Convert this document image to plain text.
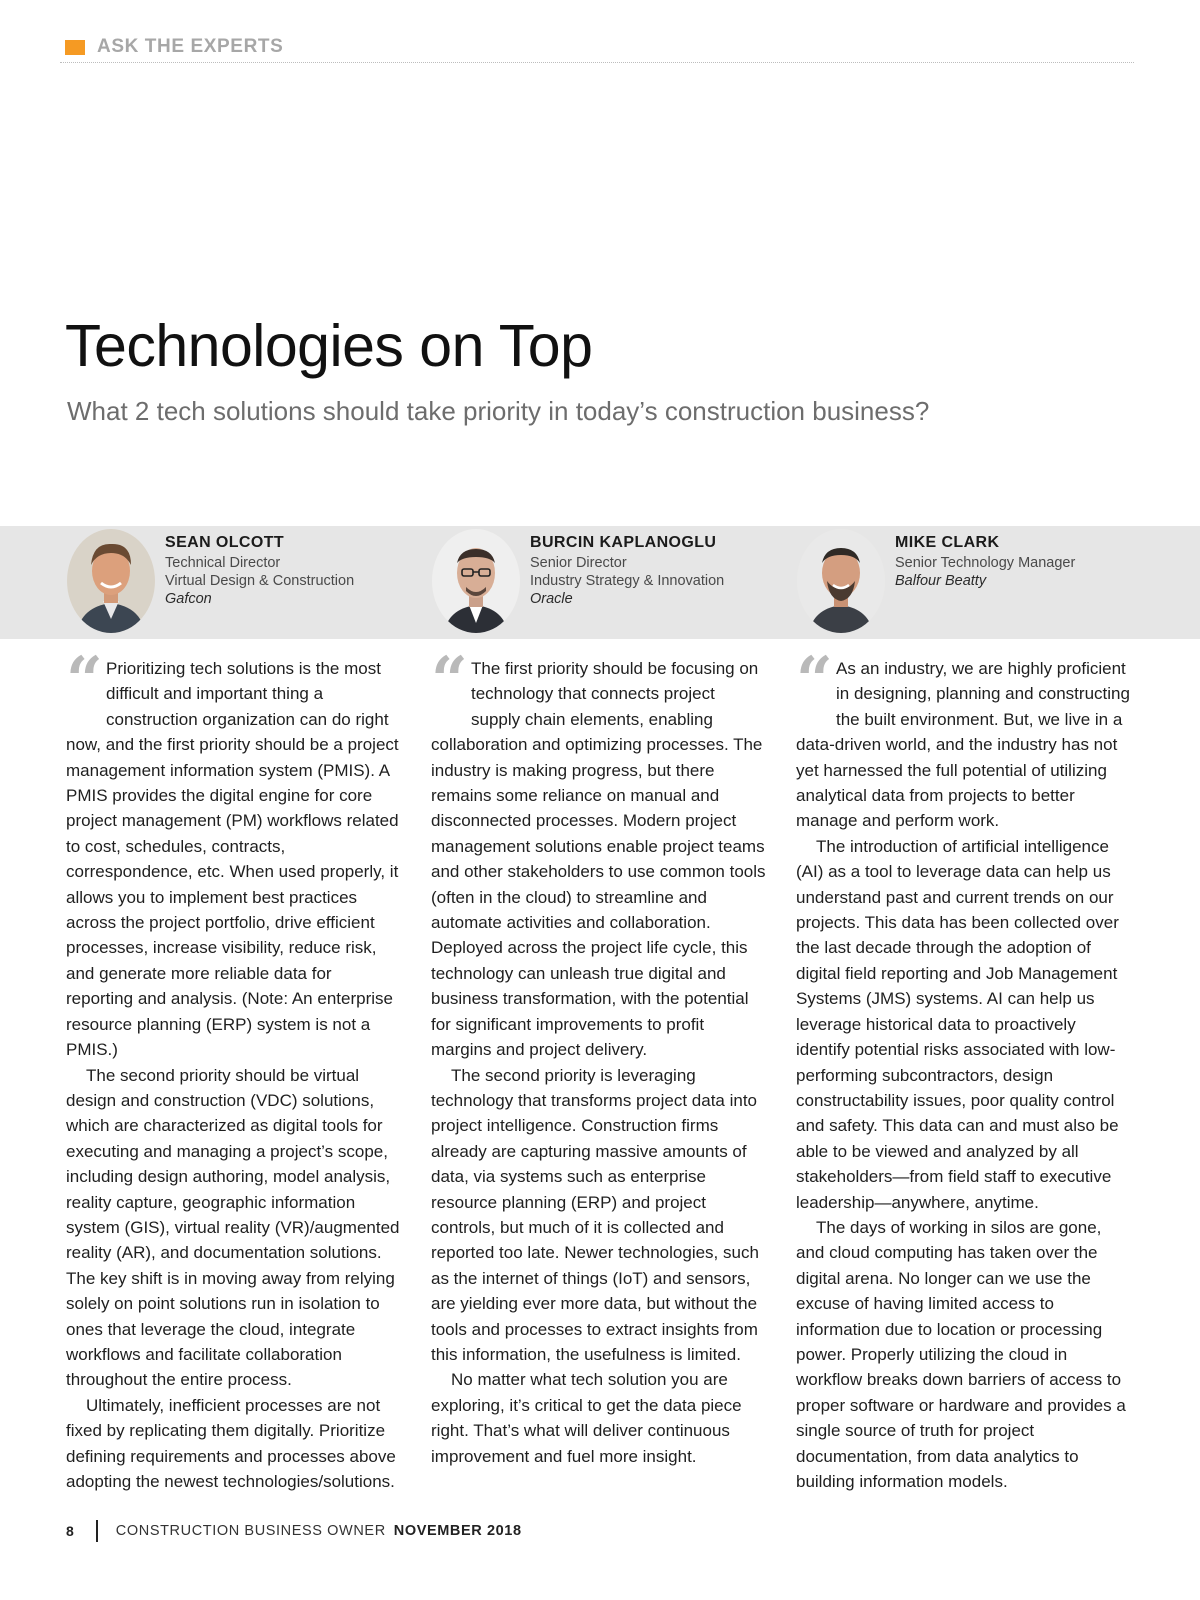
ASK THE EXPERTS
Technologies on Top
What 2 tech solutions should take priority in today’s construction business?
SEAN OLCOTT
Technical Director
Virtual Design & Construction
Gafcon
BURCIN KAPLANOGLU
Senior Director
Industry Strategy & Innovation
Oracle
MIKE CLARK
Senior Technology Manager
Balfour Beatty
“ Prioritizing tech solutions is the most difficult and important thing a construction organization can do right now, and the first priority should be a project management information system (PMIS). A PMIS provides the digital engine for core project management (PM) workflows related to cost, schedules, contracts, correspondence, etc. When used properly, it allows you to implement best practices across the project portfolio, drive efficient processes, increase visibility, reduce risk, and generate more reliable data for reporting and analysis. (Note: An enterprise resource planning (ERP) system is not a PMIS.)

The second priority should be virtual design and construction (VDC) solutions, which are characterized as digital tools for executing and managing a project’s scope, including design authoring, model analysis, reality capture, geographic information system (GIS), virtual reality (VR)/augmented reality (AR), and documentation solutions. The key shift is in moving away from relying solely on point solutions run in isolation to ones that leverage the cloud, integrate workflows and facilitate collaboration throughout the entire process.

Ultimately, inefficient processes are not fixed by replicating them digitally. Prioritize defining requirements and processes above adopting the newest technologies/solutions.

“ The first priority should be focusing on technology that connects project supply chain elements, enabling collaboration and optimizing processes. The industry is making progress, but there remains some reliance on manual and disconnected processes. Modern project management solutions enable project teams and other stakeholders to use common tools (often in the cloud) to streamline and automate activities and collaboration. Deployed across the project life cycle, this technology can unleash true digital and business transformation, with the potential for significant improvements to profit margins and project delivery.

The second priority is leveraging technology that transforms project data into project intelligence. Construction firms already are capturing massive amounts of data, via systems such as enterprise resource planning (ERP) and project controls, but much of it is collected and reported too late. Newer technologies, such as the internet of things (IoT) and sensors, are yielding ever more data, but without the tools and processes to extract insights from this information, the usefulness is limited.

No matter what tech solution you are exploring, it’s critical to get the data piece right. That’s what will deliver continuous improvement and fuel more insight.

“ As an industry, we are highly proficient in designing, planning and constructing the built environment. But, we live in a data-driven world, and the industry has not yet harnessed the full potential of utilizing analytical data from projects to better manage and perform work.

The introduction of artificial intelligence (AI) as a tool to leverage data can help us understand past and current trends on our projects. This data has been collected over the last decade through the adoption of digital field reporting and Job Management Systems (JMS) systems. AI can help us leverage historical data to proactively identify potential risks associated with low-performing subcontractors, design constructability issues, poor quality control and safety. This data can and must also be able to be viewed and analyzed by all stakeholders—from field staff to executive leadership—anywhere, anytime.

The days of working in silos are gone, and cloud computing has taken over the digital arena. No longer can we use the excuse of having limited access to information due to location or processing power. Properly utilizing the cloud in workflow breaks down barriers of access to proper software or hardware and provides a single source of truth for project documentation, from data analytics to building information models.

8	CONSTRUCTION BUSINESS OWNER NOVEMBER 2018
